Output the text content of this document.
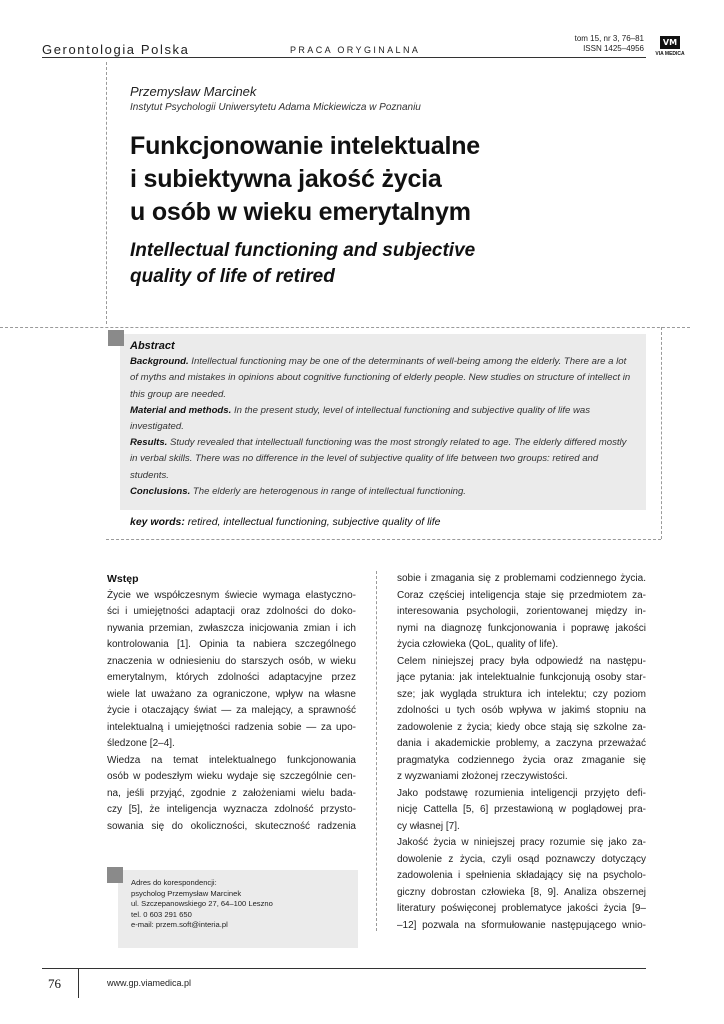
Gerontologia Polska	PRACA ORYGINALNA
tom 15, nr 3, 76–81
ISSN 1425–4956
VM
VIA MEDICA
Przemysław Marcinek
Instytut Psychologii Uniwersytetu Adama Mickiewicza w Poznaniu
Funkcjonowanie intelektualne
i subiektywna jakość życia
u osób w wieku emerytalnym
Intellectual functioning and subjective
quality of life of retired
Abstract
Background. Intellectual functioning may be one of the determinants of well-being among the elderly. There are a lot of myths and mistakes in opinions about cognitive functioning of elderly people. New studies on structure of intellect in this group are needed.
Material and methods. In the present study, level of intellectual functioning and subjective quality of life was investigated.
Results. Study revealed that intellectuall functioning was the most strongly related to age. The elderly differed mostly in verbal skills. There was no difference in the level of subjective quality of life between two groups: retired and students.
Conclusions. The elderly are heterogenous in range of intellectual functioning.
key words: retired, intellectual functioning, subjective quality of life
Wstęp

Życie we współczesnym świecie wymaga elastyczno-

ści i umiejętności adaptacji oraz zdolności do doko-

nywania przemian, zwłaszcza inicjowania zmian i ich

kontrolowania [1]. Opinia ta nabiera szczególnego

znaczenia w odniesieniu do starszych osób, w wieku

emerytalnym, których zdolności adaptacyjne przez

wiele lat uważano za ograniczone, wpływ na własne

życie i otaczający świat — za malejący, a sprawność

intelektualną i umiejętności radzenia sobie — za upo-

śledzone [2–4].

Wiedza na temat intelektualnego funkcjonowania

osób w podeszłym wieku wydaje się szczególnie cen-

na, jeśli przyjąć, zgodnie z założeniami wielu bada-

czy [5], że inteligencja wyznacza zdolność przysto-

sowania się do okoliczności, skuteczność radzenia

sobie i zmagania się z problemami codziennego życia.

Coraz częściej inteligencja staje się przedmiotem za-

interesowania psychologii, zorientowanej między in-

nymi na diagnozę funkcjonowania i poprawę jakości

życia człowieka (QoL, quality of life).

Celem niniejszej pracy była odpowiedź na następu-

jące pytania: jak intelektualnie funkcjonują osoby star-

sze; jak wygląda struktura ich intelektu; czy poziom

zdolności u tych osób wpływa w jakimś stopniu na

zadowolenie z życia; kiedy obce stają się szkolne za-

dania i akademickie problemy, a zaczyna przeważać

pragmatyka codziennego życia oraz zmaganie się

z wyzwaniami złożonej rzeczywistości.

Jako podstawę rozumienia inteligencji przyjęto defi-

nicję Cattella [5, 6] przestawioną w poglądowej pra-

cy własnej [7].

Jakość życia w niniejszej pracy rozumie się jako za-

dowolenie z życia, czyli osąd poznawczy dotyczący

zadowolenia i spełnienia składający się na psycholo-

giczny dobrostan człowieka [8, 9]. Analiza obszernej

literatury poświęconej problematyce jakości życia [9–

–12] pozwala na sformułowanie następującego wnio-

Adres do korespondencji:
psycholog Przemysław Marcinek
ul. Szczepanowskiego 27, 64–100 Leszno
tel. 0 603 291 650
e-mail: przem.soft@interia.pl
76	www.gp.viamedica.pl
